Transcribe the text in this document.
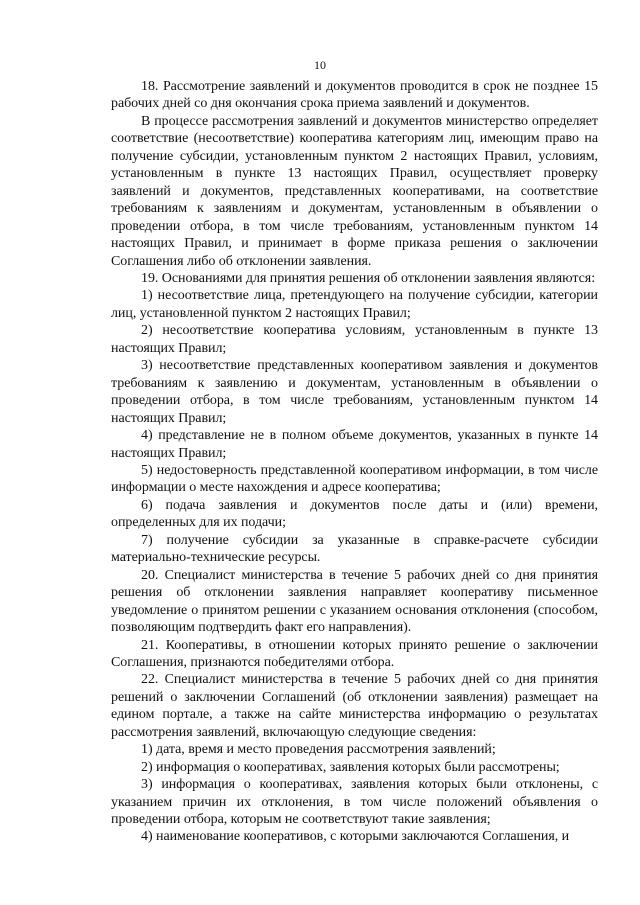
10

18. Рассмотрение заявлений и документов проводится в срок не позднее 15 рабочих дней со дня окончания срока приема заявлений и документов.

В процессе рассмотрения заявлений и документов министерство определяет соответствие (несоответствие) кооператива категориям лиц, имеющим право на получение субсидии, установленным пунктом 2 настоящих Правил, условиям, установленным в пункте 13 настоящих Правил, осуществляет проверку заявлений и документов, представленных кооперативами, на соответствие требованиям к заявлениям и документам, установленным в объявлении о проведении отбора, в том числе требованиям, установленным пунктом 14 настоящих Правил, и принимает в форме приказа решения о заключении Соглашения либо об отклонении заявления.

19. Основаниями для принятия решения об отклонении заявления являются:

1) несоответствие лица, претендующего на получение субсидии, категории лиц, установленной пунктом 2 настоящих Правил;

2) несоответствие кооператива условиям, установленным в пункте 13 настоящих Правил;

3) несоответствие представленных кооперативом заявления и документов требованиям к заявлению и документам, установленным в объявлении о проведении отбора, в том числе требованиям, установленным пунктом 14 настоящих Правил;

4) представление не в полном объеме документов, указанных в пункте 14 настоящих Правил;

5) недостоверность представленной кооперативом информации, в том числе информации о месте нахождения и адресе кооператива;

6) подача заявления и документов после даты и (или) времени, определенных для их подачи;

7) получение субсидии за указанные в справке-расчете субсидии материально-технические ресурсы.

20. Специалист министерства в течение 5 рабочих дней со дня принятия решения об отклонении заявления направляет кооперативу письменное уведомление о принятом решении с указанием основания отклонения (способом, позволяющим подтвердить факт его направления).

21. Кооперативы, в отношении которых принято решение о заключении Соглашения, признаются победителями отбора.

22. Специалист министерства в течение 5 рабочих дней со дня принятия решений о заключении Соглашений (об отклонении заявления) размещает на едином портале, а также на сайте министерства информацию о результатах рассмотрения заявлений, включающую следующие сведения:

1) дата, время и место проведения рассмотрения заявлений;

2) информация о кооперативах, заявления которых были рассмотрены;

3) информация о кооперативах, заявления которых были отклонены, с указанием причин их отклонения, в том числе положений объявления о проведении отбора, которым не соответствуют такие заявления;

4) наименование кооперативов, с которыми заключаются Соглашения, и
